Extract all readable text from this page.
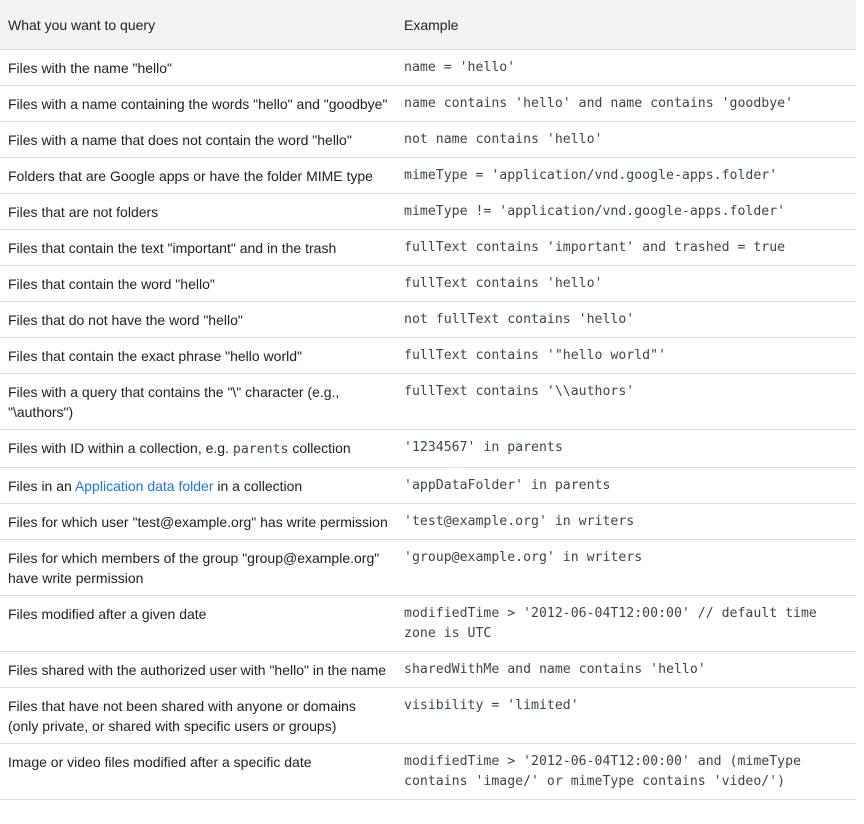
What you want to query	Example
Files with the name "hello"	name = 'hello'
Files with a name containing the words "hello" and "goodbye"	name contains 'hello' and name contains 'goodbye'
Files with a name that does not contain the word "hello"	not name contains 'hello'
Folders that are Google apps or have the folder MIME type	mimeType = 'application/vnd.google-apps.folder'
Files that are not folders	mimeType != 'application/vnd.google-apps.folder'
Files that contain the text "important" and in the trash	fullText contains 'important' and trashed = true
Files that contain the word "hello"	fullText contains 'hello'
Files that do not have the word "hello"	not fullText contains 'hello'
Files that contain the exact phrase "hello world"	fullText contains '"hello world"'
Files with a query that contains the "\" character (e.g., "\authors")	fullText contains '\\authors'
Files with ID within a collection, e.g. parents collection	'1234567' in parents
Files in an Application data folder in a collection	'appDataFolder' in parents
Files for which user "test@example.org" has write permission	'test@example.org' in writers
Files for which members of the group "group@example.org" have write permission	'group@example.org' in writers
Files modified after a given date	modifiedTime > '2012-06-04T12:00:00' // default time zone is UTC
Files shared with the authorized user with "hello" in the name	sharedWithMe and name contains 'hello'
Files that have not been shared with anyone or domains (only private, or shared with specific users or groups)	visibility = 'limited'
Image or video files modified after a specific date	modifiedTime > '2012-06-04T12:00:00' and (mimeType contains 'image/' or mimeType contains 'video/')
